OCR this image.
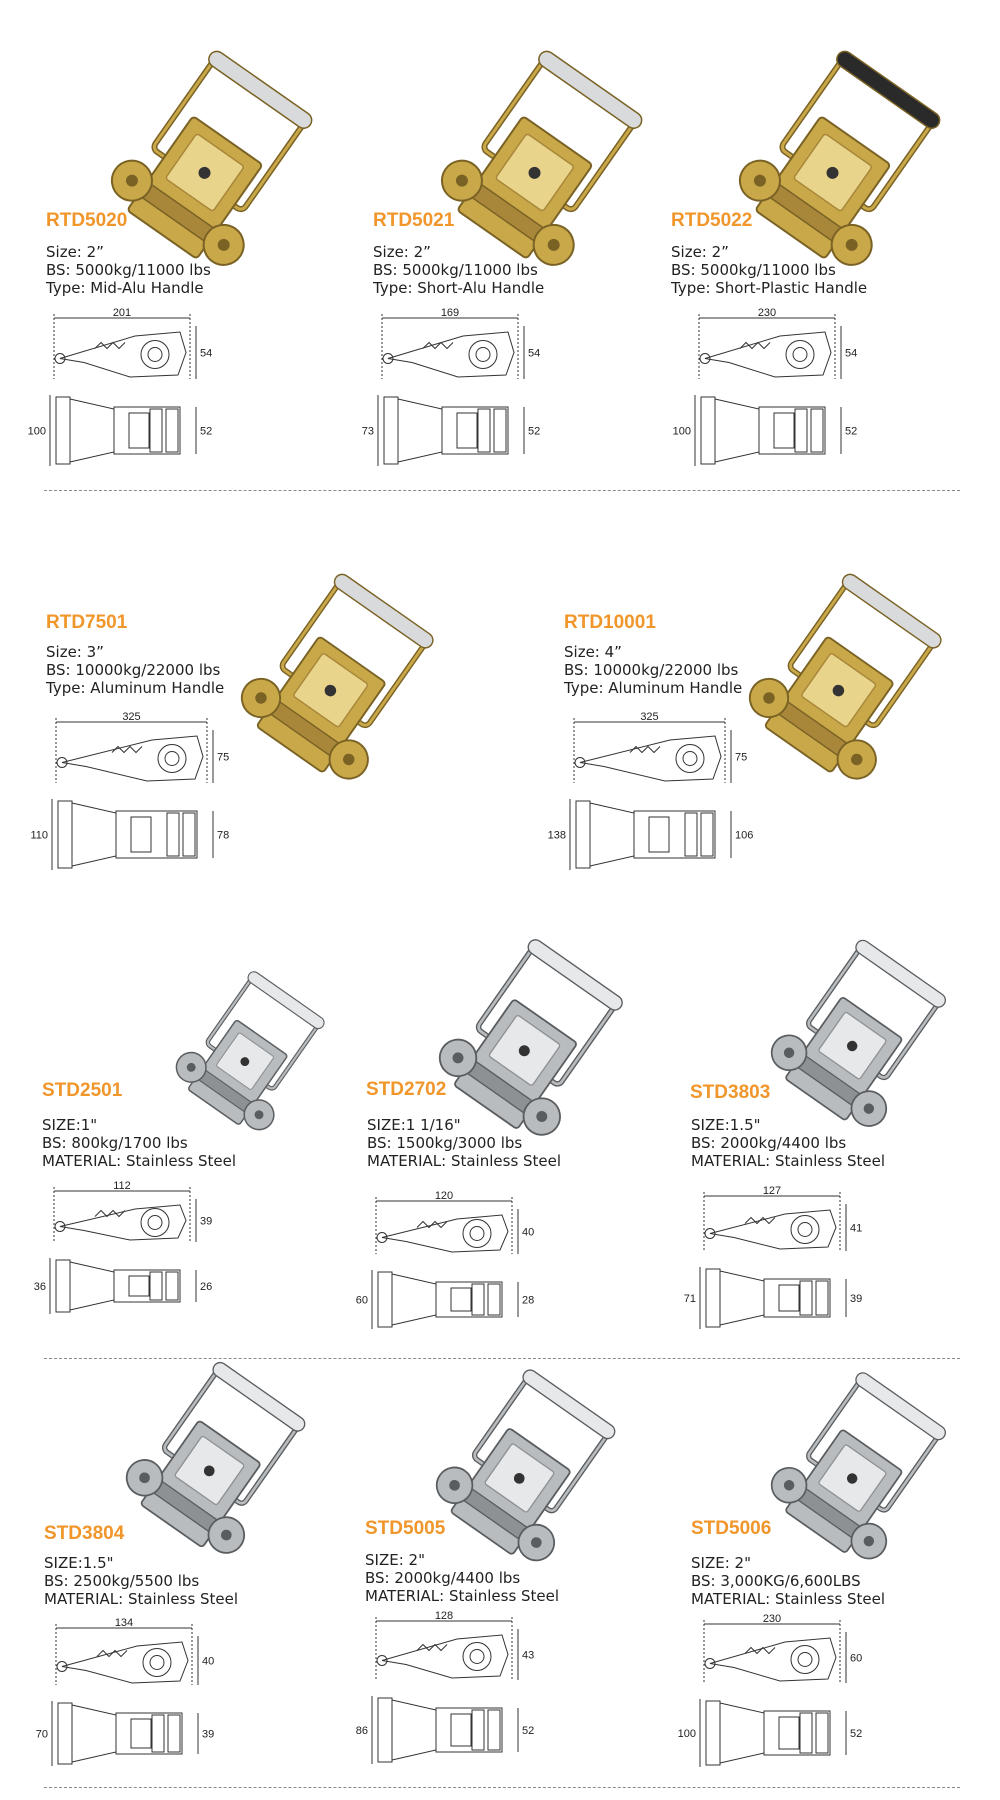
RTD5020
Size: 2”
BS: 5000kg/11000 lbs
Type: Mid-Alu Handle
201
54
100	52
RTD5021
Size: 2”
BS: 5000kg/11000 lbs
Type: Short-Alu Handle
169
54
73	52
RTD5022
Size: 2”
BS: 5000kg/11000 lbs
Type: Short-Plastic Handle
230
54
100	52
RTD7501
Size: 3”
BS: 10000kg/22000 lbs
Type: Aluminum Handle
325
75
110	78
RTD10001
Size: 4”
BS: 10000kg/22000 lbs
Type: Aluminum Handle
325
75
138	106
STD2501
SIZE:1"
BS: 800kg/1700 lbs
MATERIAL: Stainless Steel
112
39
36	26
STD2702
SIZE:1 1/16"
BS: 1500kg/3000 lbs
MATERIAL: Stainless Steel
120
40
60	28
STD3803
SIZE:1.5"
BS: 2000kg/4400 lbs
MATERIAL: Stainless Steel
127
41
71	39
STD3804
SIZE:1.5"
BS: 2500kg/5500 lbs
MATERIAL: Stainless Steel
134
40
70	39
STD5005
SIZE: 2"
BS: 2000kg/4400 lbs
MATERIAL: Stainless Steel
128
43
86	52
STD5006
SIZE: 2"
BS: 3,000KG/6,600LBS
MATERIAL: Stainless Steel
230
60
100	52
